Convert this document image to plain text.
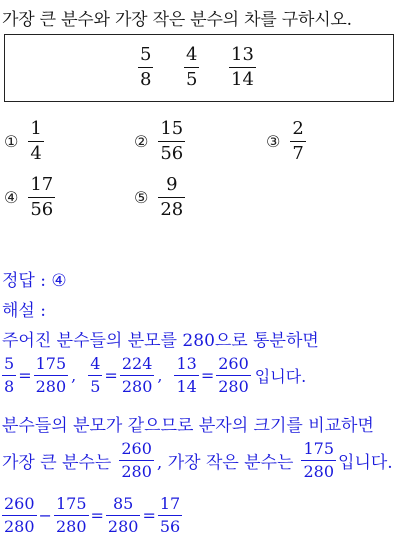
가장 큰 분수와 가장 작은 분수의 차를 구하시오.
$\frac{5}{8} \frac{4}{5} \frac{13}{14}$
①
1
4
②
15
56
③
2
7
④
17
56
⑤
9
28
정답 : ④
해설 :
주어진 분수들의 분모를 280으로 통분하면
5
8
=
175
280
,
4
5
=
224
280
,
13
14
=
260
280
입니다.
분수들의 분모가 같으므로 분자의 크기를 비교하면
가장 큰 분수는
260
280 , 가장 작은 분수는
175
280 입니다.
260
280
−
175
280
=
85
280
=
17
56
